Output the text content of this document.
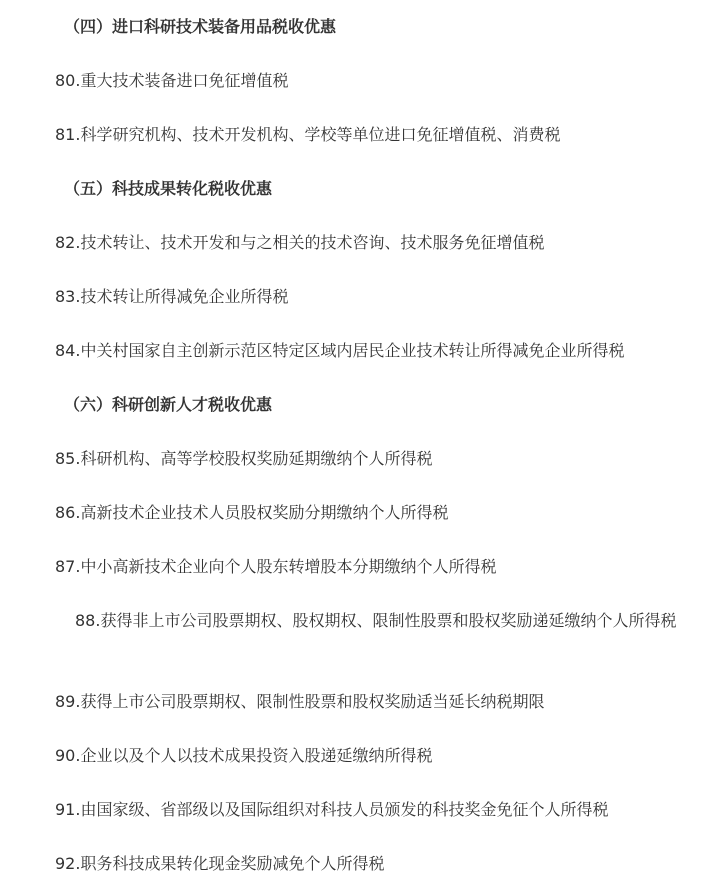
（四）进口科研技术装备用品税收优惠
80.重大技术装备进口免征增值税
81.科学研究机构、技术开发机构、学校等单位进口免征增值税、消费税
（五）科技成果转化税收优惠
82.技术转让、技术开发和与之相关的技术咨询、技术服务免征增值税
83.技术转让所得减免企业所得税
84.中关村国家自主创新示范区特定区域内居民企业技术转让所得减免企业所得税
（六）科研创新人才税收优惠
85.科研机构、高等学校股权奖励延期缴纳个人所得税
86.高新技术企业技术人员股权奖励分期缴纳个人所得税
87.中小高新技术企业向个人股东转增股本分期缴纳个人所得税
88.获得非上市公司股票期权、股权期权、限制性股票和股权奖励递延缴纳个人所得税
89.获得上市公司股票期权、限制性股票和股权奖励适当延长纳税期限
90.企业以及个人以技术成果投资入股递延缴纳所得税
91.由国家级、省部级以及国际组织对科技人员颁发的科技奖金免征个人所得税
92.职务科技成果转化现金奖励减免个人所得税
